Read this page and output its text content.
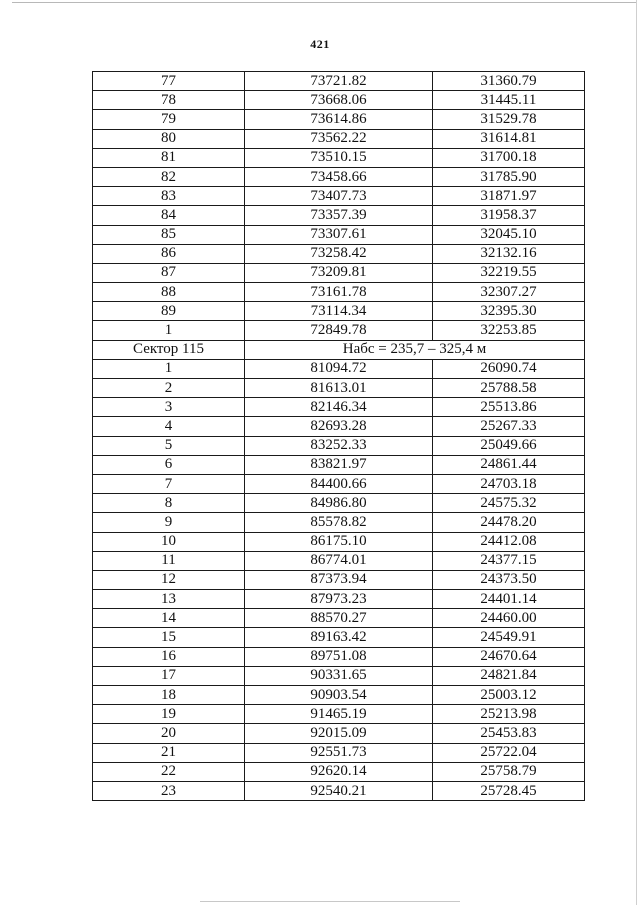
421
77	73721.82	31360.79
78	73668.06	31445.11
79	73614.86	31529.78
80	73562.22	31614.81
81	73510.15	31700.18
82	73458.66	31785.90
83	73407.73	31871.97
84	73357.39	31958.37
85	73307.61	32045.10
86	73258.42	32132.16
87	73209.81	32219.55
88	73161.78	32307.27
89	73114.34	32395.30
1	72849.78	32253.85
Сектор 115	Набс = 235,7 – 325,4 м	
1	81094.72	26090.74
2	81613.01	25788.58
3	82146.34	25513.86
4	82693.28	25267.33
5	83252.33	25049.66
6	83821.97	24861.44
7	84400.66	24703.18
8	84986.80	24575.32
9	85578.82	24478.20
10	86175.10	24412.08
11	86774.01	24377.15
12	87373.94	24373.50
13	87973.23	24401.14
14	88570.27	24460.00
15	89163.42	24549.91
16	89751.08	24670.64
17	90331.65	24821.84
18	90903.54	25003.12
19	91465.19	25213.98
20	92015.09	25453.83
21	92551.73	25722.04
22	92620.14	25758.79
23	92540.21	25728.45
